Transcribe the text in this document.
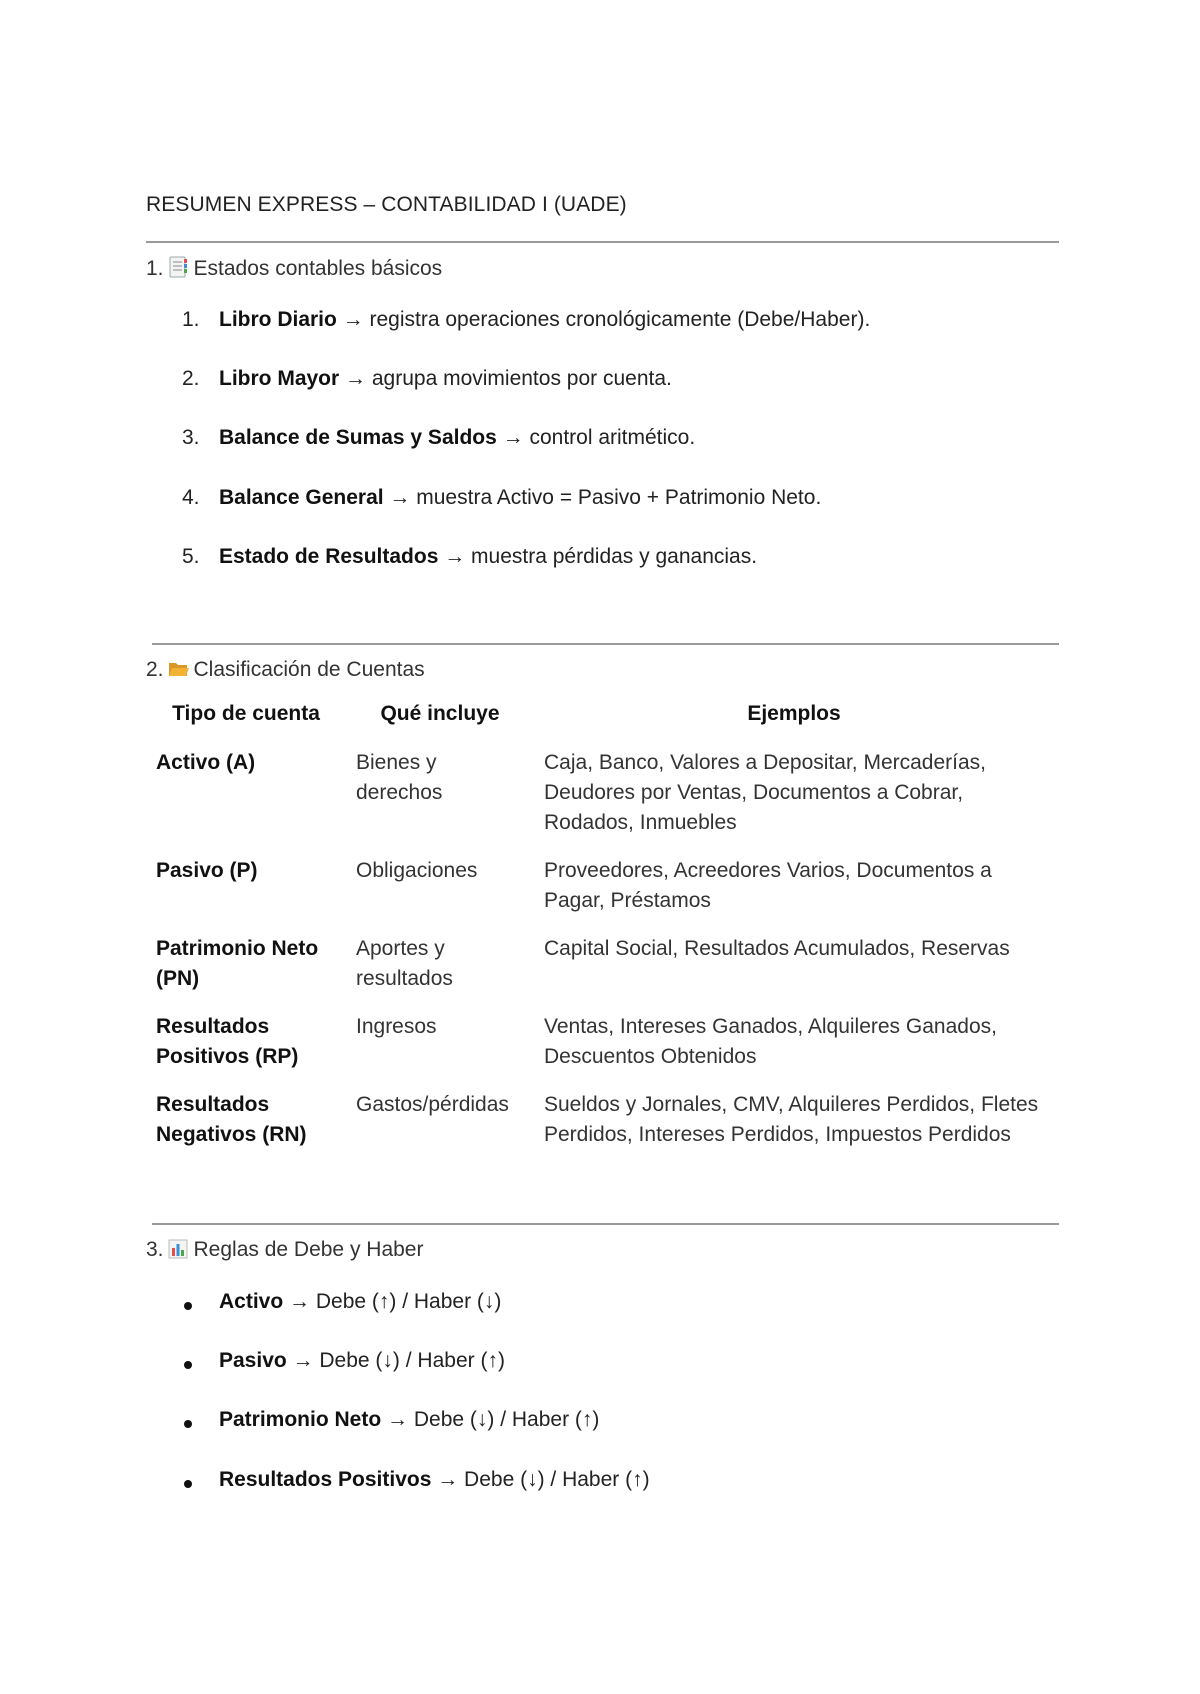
RESUMEN EXPRESS – CONTABILIDAD I (UADE)
1. Estados contables básicos
1. Libro Diario → registra operaciones cronológicamente (Debe/Haber).
2. Libro Mayor → agrupa movimientos por cuenta.
3. Balance de Sumas y Saldos → control aritmético.
4. Balance General → muestra Activo = Pasivo + Patrimonio Neto.
5. Estado de Resultados → muestra pérdidas y ganancias.
2. Clasificación de Cuentas
Tipo de cuenta	Qué incluye	Ejemplos
Activo (A)	Bienes y derechos	Caja, Banco, Valores a Depositar, Mercaderías, Deudores por Ventas, Documentos a Cobrar, Rodados, Inmuebles
Pasivo (P)	Obligaciones	Proveedores, Acreedores Varios, Documentos a Pagar, Préstamos
Patrimonio Neto (PN)	Aportes y resultados	Capital Social, Resultados Acumulados, Reservas
Resultados Positivos (RP)	Ingresos	Ventas, Intereses Ganados, Alquileres Ganados, Descuentos Obtenidos
Resultados Negativos (RN)	Gastos/pérdidas	Sueldos y Jornales, CMV, Alquileres Perdidos, Fletes Perdidos, Intereses Perdidos, Impuestos Perdidos
3. Reglas de Debe y Haber
Activo → Debe (↑) / Haber (↓)
Pasivo → Debe (↓) / Haber (↑)
Patrimonio Neto → Debe (↓) / Haber (↑)
Resultados Positivos → Debe (↓) / Haber (↑)
